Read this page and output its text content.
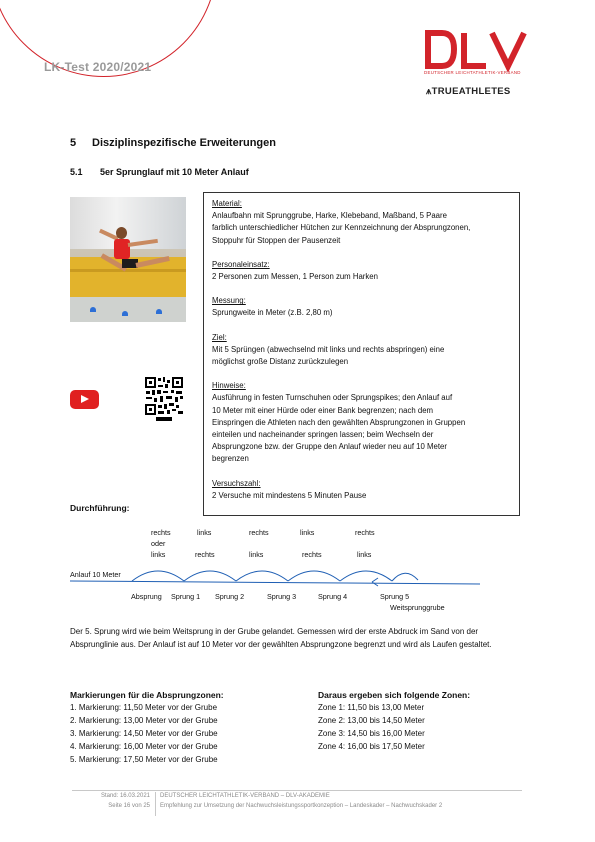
LK-Test 2020/2021	DEUTSCHER LEICHTATHLETIK-VERBAND
⩚TRUEATHLETES
5 Disziplinspezifische Erweiterungen
5.1 5er Sprunglauf mit 10 Meter Anlauf
Material:
Anlaufbahn mit Sprunggrube, Harke, Klebeband, Maßband, 5 Paare
farblich unterschiedlicher Hütchen zur Kennzeichnung der Absprungzonen,
Stoppuhr für Stoppen der Pausenzeit
Personaleinsatz:
2 Personen zum Messen, 1 Person zum Harken
Messung:
Sprungweite in Meter (z.B. 2,80 m)
Ziel:
Mit 5 Sprüngen (abwechselnd mit links und rechts abspringen) eine
möglichst große Distanz zurückzulegen
Hinweise:
Ausführung in festen Turnschuhen oder Sprungspikes; den Anlauf auf
10 Meter mit einer Hürde oder einer Bank begrenzen; nach dem
Einspringen die Athleten nach den gewählten Absprungzonen in Gruppen
einteilen und nacheinander springen lassen; beim Wechseln der
Absprungzone bzw. der Gruppe den Anlauf wieder neu auf 10 Meter
begrenzen
Versuchszahl:
2 Versuche mit mindestens 5 Minuten Pause
Durchführung:
rechts	links	rechts	links	rechts
oder
links	rechts	links	rechts	links
Anlauf 10 Meter
Absprung Sprung 1 Sprung 2	Sprung 3	Sprung 4	Sprung 5
Weitsprunggrube
Der 5. Sprung wird wie beim Weitsprung in der Grube gelandet. Gemessen wird der erste Abdruck im Sand von der Absprunglinie aus. Der Anlauf ist auf 10 Meter vor der gewählten Absprungzone begrenzt und wird als Laufen gestaltet.
Markierungen für die Absprungzonen:
1. Markierung: 11,50 Meter vor der Grube
2. Markierung: 13,00 Meter vor der Grube
3. Markierung: 14,50 Meter vor der Grube
4. Markierung: 16,00 Meter vor der Grube
5. Markierung: 17,50 Meter vor der Grube
Daraus ergeben sich folgende Zonen:
Zone 1: 11,50 bis 13,00 Meter
Zone 2: 13,00 bis 14,50 Meter
Zone 3: 14,50 bis 16,00 Meter
Zone 4: 16,00 bis 17,50 Meter
Stand: 16.03.2021
Seite 16 von 25
DEUTSCHER LEICHTATHLETIK-VERBAND – DLV-AKADEMIE
Empfehlung zur Umsetzung der Nachwuchsleistungssportkonzeption – Landeskader – Nachwuchskader 2
